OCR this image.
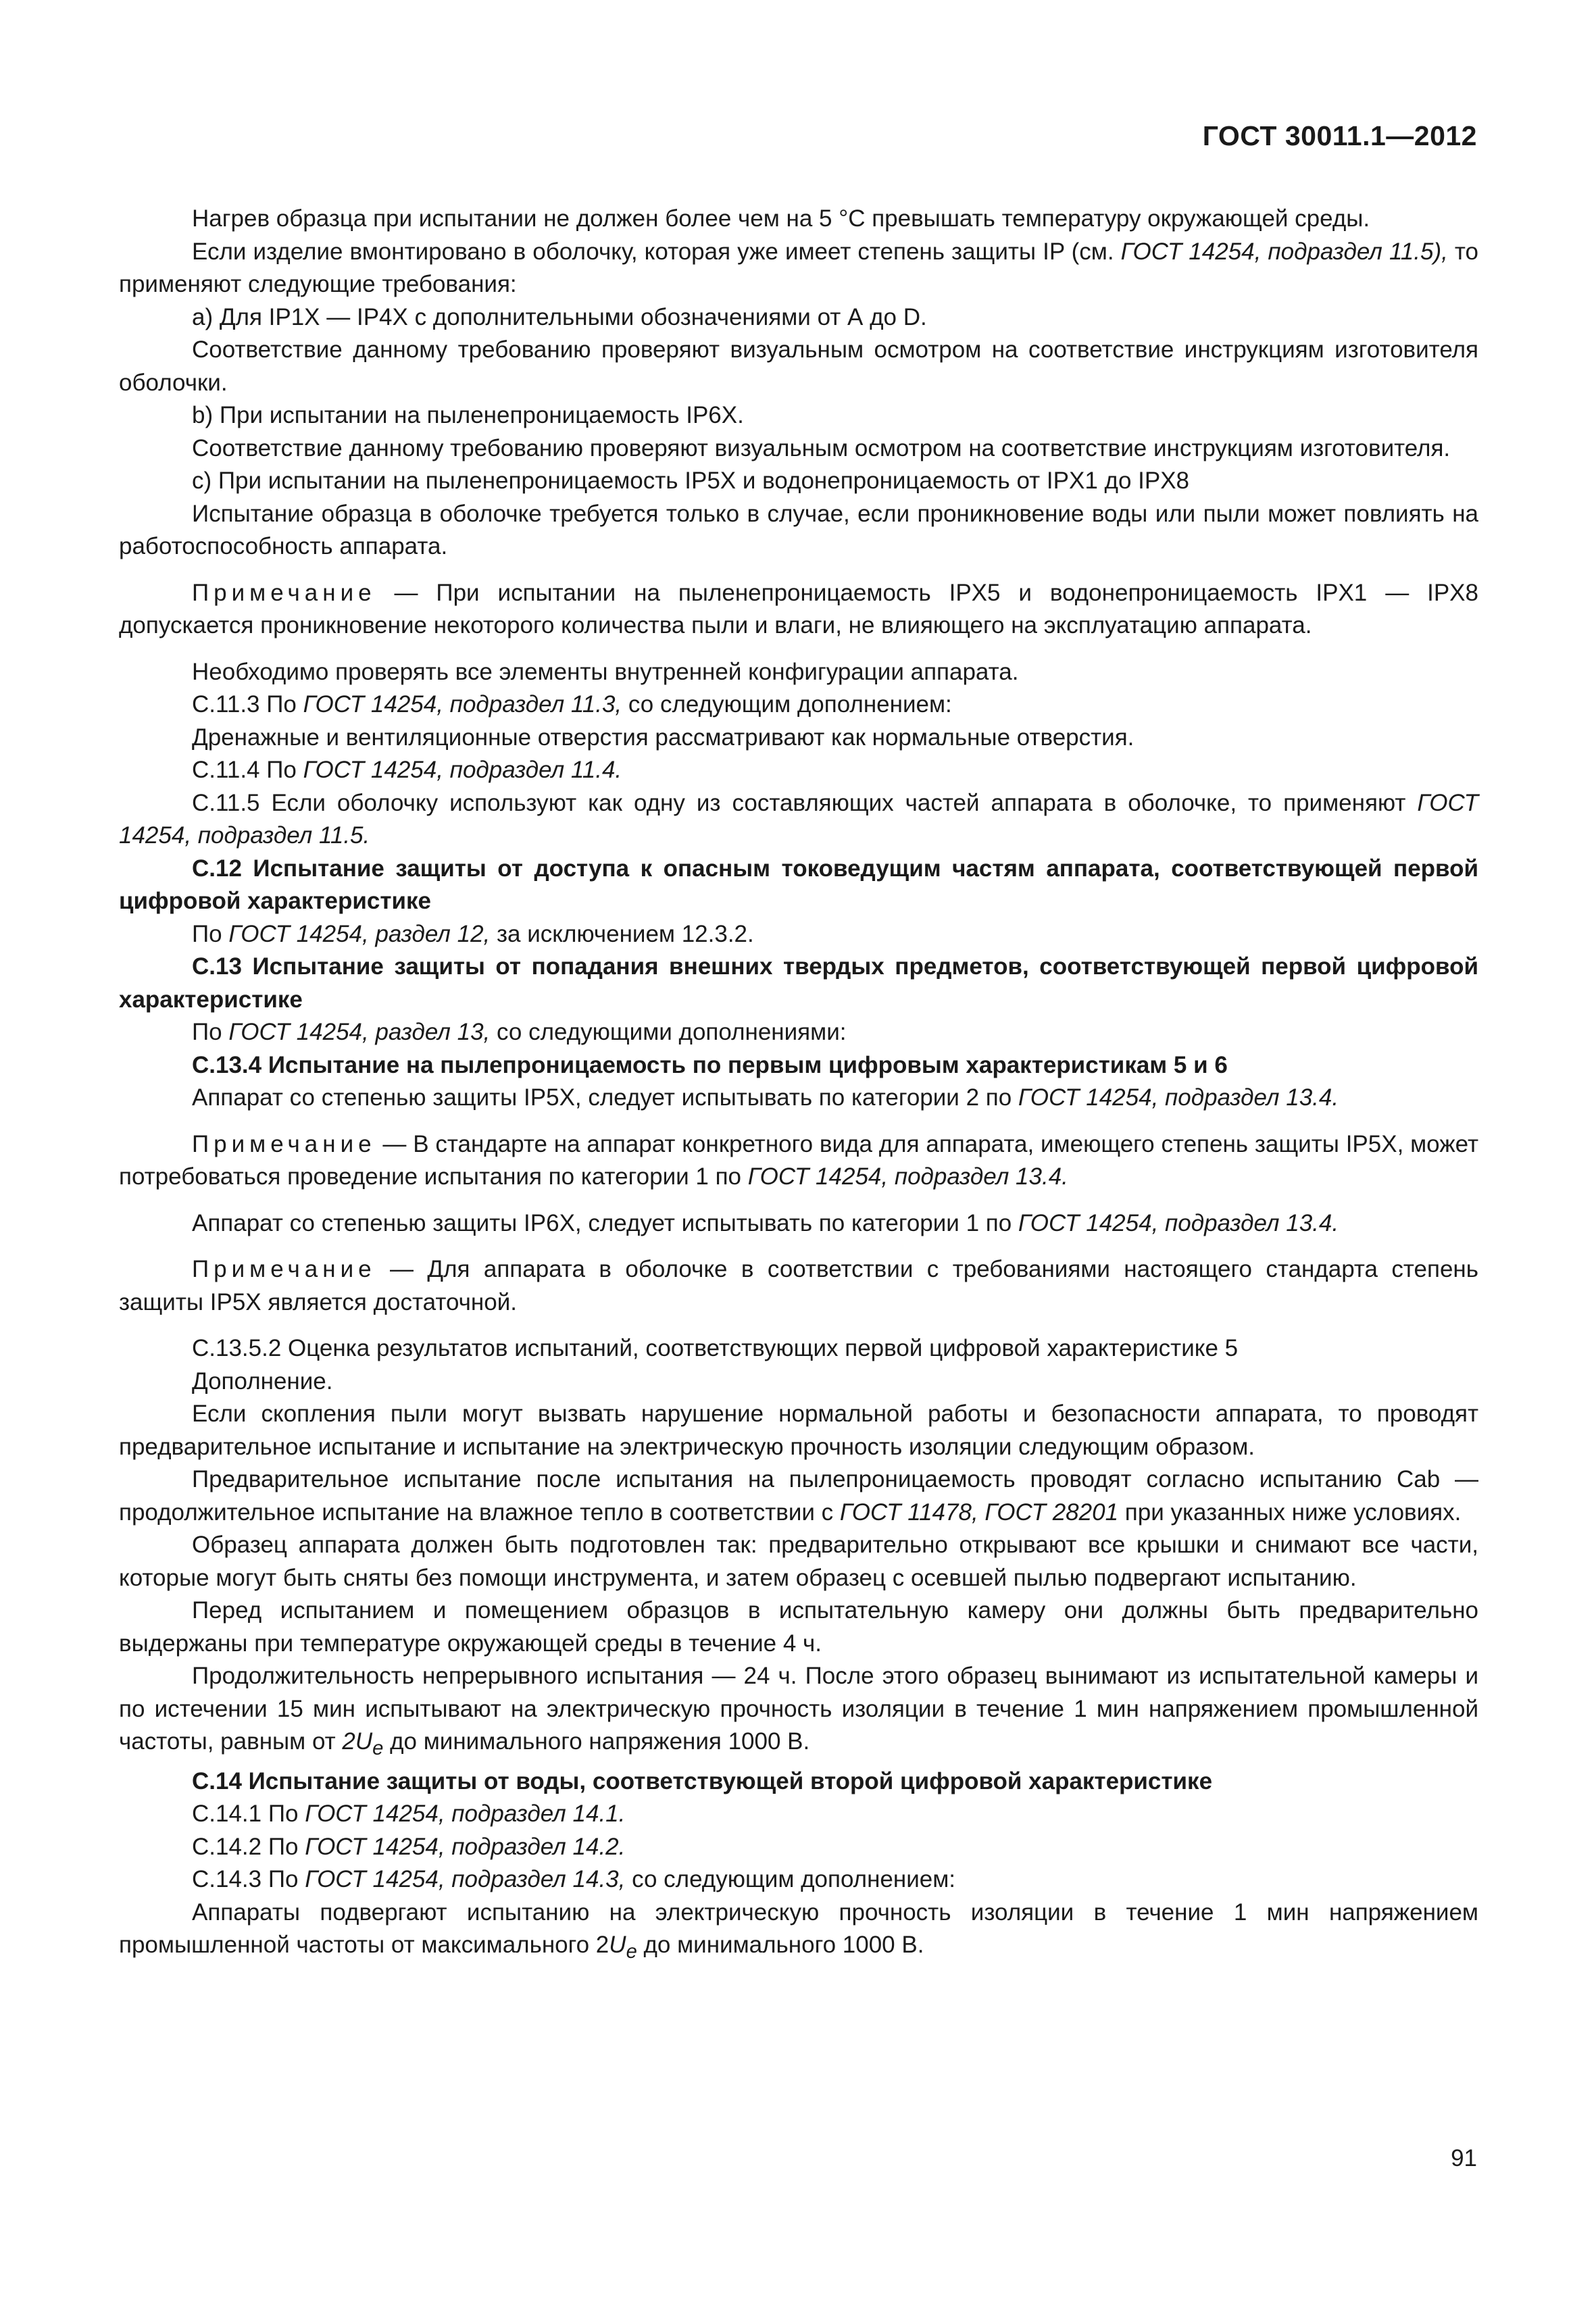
ГОСТ 30011.1—2012

Нагрев образца при испытании не должен более чем на 5 °С превышать температуру окружающей среды.

Если изделие вмонтировано в оболочку, которая уже имеет степень защиты IP (см. ГОСТ 14254, подраздел 11.5), то применяют следующие требования:

а) Для IP1X — IP4X с дополнительными обозначениями от А до D.

Соответствие данному требованию проверяют визуальным осмотром на соответствие инструкциям изготовителя оболочки.

b) При испытании на пыленепроницаемость IP6X.

Соответствие данному требованию проверяют визуальным осмотром на соответствие инструкциям изготовителя.

с) При испытании на пыленепроницаемость IP5X и водонепроницаемость от IPX1 до IPX8

Испытание образца в оболочке требуется только в случае, если проникновение воды или пыли может повлиять на работоспособность аппарата.

Примечание — При испытании на пыленепроницаемость IPX5 и водонепроницаемость IPX1 — IPX8 допускается проникновение некоторого количества пыли и влаги, не влияющего на эксплуатацию аппарата.

Необходимо проверять все элементы внутренней конфигурации аппарата.

С.11.3 По ГОСТ 14254, подраздел 11.3, со следующим дополнением:

Дренажные и вентиляционные отверстия рассматривают как нормальные отверстия.

С.11.4 По ГОСТ 14254, подраздел 11.4.

С.11.5 Если оболочку используют как одну из составляющих частей аппарата в оболочке, то применяют ГОСТ 14254, подраздел 11.5.

С.12 Испытание защиты от доступа к опасным токоведущим частям аппарата, соответствующей первой цифровой характеристике

По ГОСТ 14254, раздел 12, за исключением 12.3.2.

С.13 Испытание защиты от попадания внешних твердых предметов, соответствующей первой цифровой характеристике

По ГОСТ 14254, раздел 13, со следующими дополнениями:

С.13.4 Испытание на пылепроницаемость по первым цифровым характеристикам 5 и 6

Аппарат со степенью защиты IP5X, следует испытывать по категории 2 по ГОСТ 14254, подраздел 13.4.

Примечание — В стандарте на аппарат конкретного вида для аппарата, имеющего степень защиты IP5X, может потребоваться проведение испытания по категории 1 по ГОСТ 14254, подраздел 13.4.

Аппарат со степенью защиты IP6X, следует испытывать по категории 1 по ГОСТ 14254, подраздел 13.4.

Примечание — Для аппарата в оболочке в соответствии с требованиями настоящего стандарта степень защиты IP5X является достаточной.

С.13.5.2 Оценка результатов испытаний, соответствующих первой цифровой характеристике 5

Дополнение.

Если скопления пыли могут вызвать нарушение нормальной работы и безопасности аппарата, то проводят предварительное испытание и испытание на электрическую прочность изоляции следующим образом.

Предварительное испытание после испытания на пылепроницаемость проводят согласно испытанию Cab — продолжительное испытание на влажное тепло в соответствии с ГОСТ 11478, ГОСТ 28201 при указанных ниже условиях.

Образец аппарата должен быть подготовлен так: предварительно открывают все крышки и снимают все части, которые могут быть сняты без помощи инструмента, и затем образец с осевшей пылью подвергают испытанию.

Перед испытанием и помещением образцов в испытательную камеру они должны быть предварительно выдержаны при температуре окружающей среды в течение 4 ч.

Продолжительность непрерывного испытания — 24 ч. После этого образец вынимают из испытательной камеры и по истечении 15 мин испытывают на электрическую прочность изоляции в течение 1 мин напряжением промышленной частоты, равным от $2U_e$ до минимального напряжения 1000 В.

С.14 Испытание защиты от воды, соответствующей второй цифровой характеристике

С.14.1 По ГОСТ 14254, подраздел 14.1.

С.14.2 По ГОСТ 14254, подраздел 14.2.

С.14.3 По ГОСТ 14254, подраздел 14.3, со следующим дополнением:

Аппараты подвергают испытанию на электрическую прочность изоляции в течение 1 мин напряжением промышленной частоты от максимального $2U_e$ до минимального 1000 В.

91
